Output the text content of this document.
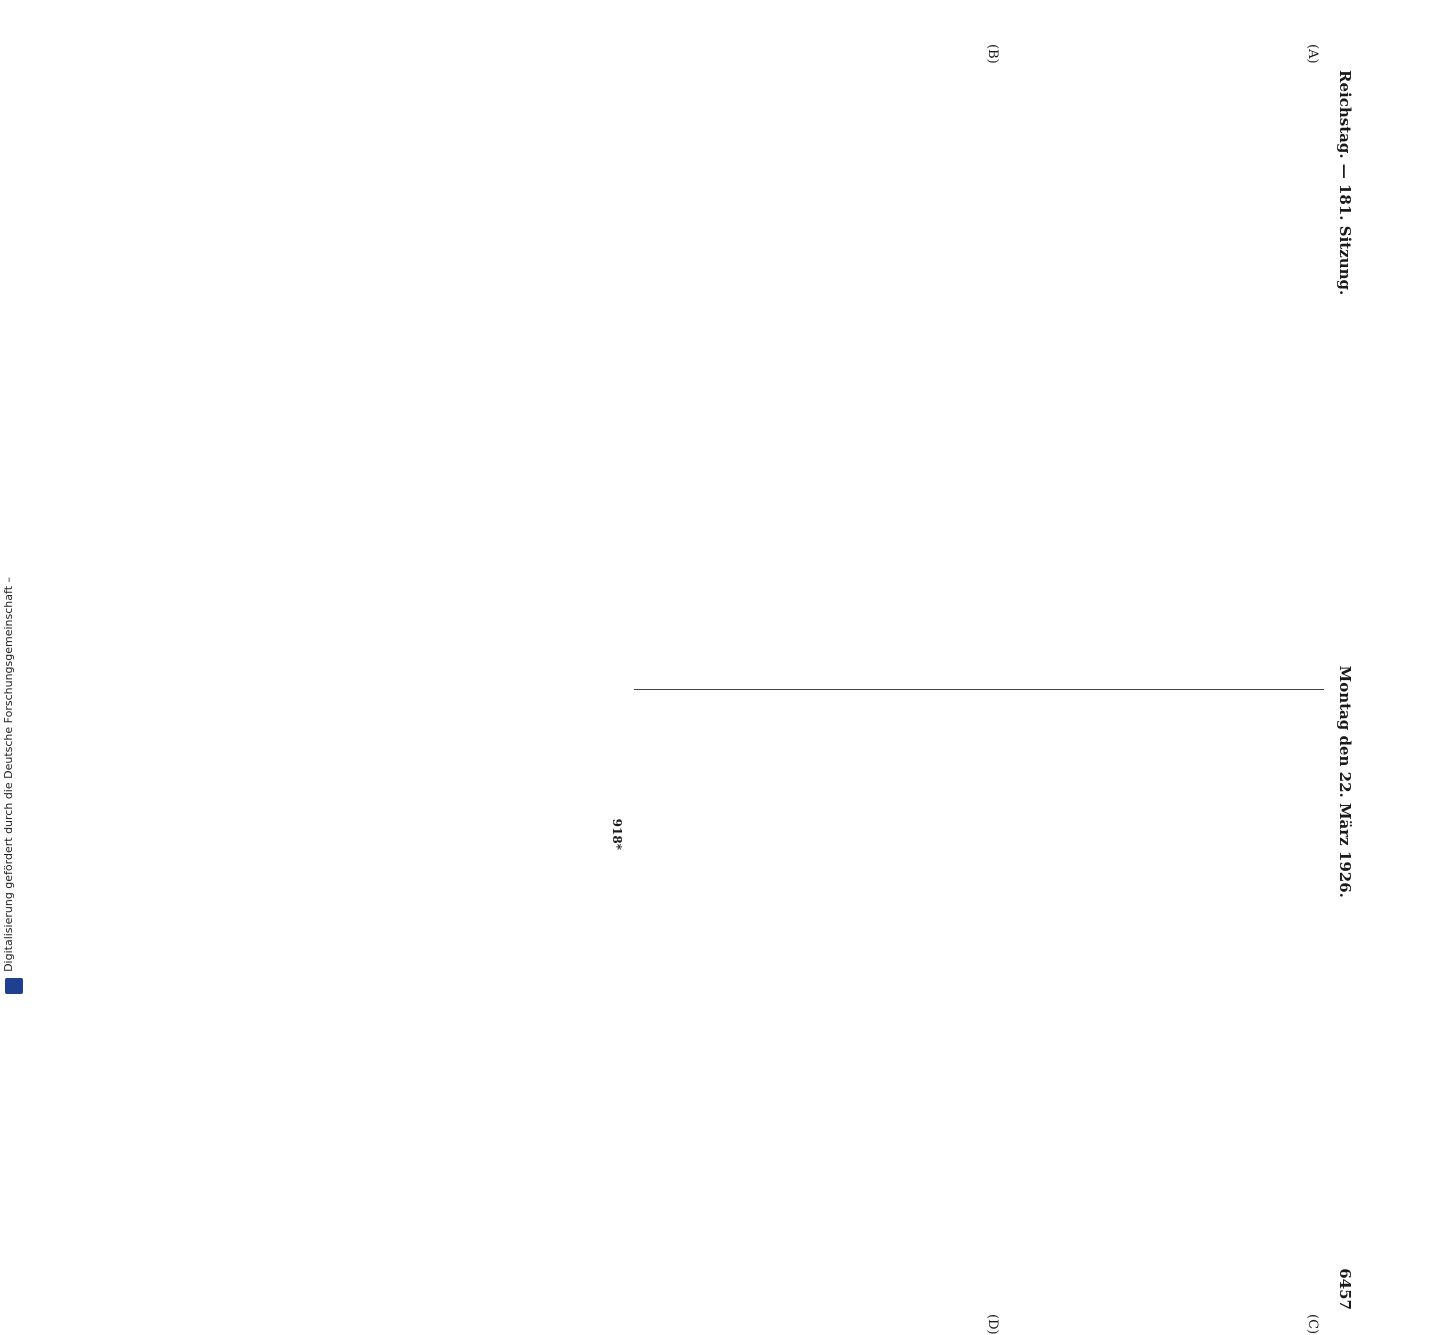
Digitalisierung gefördert durch die Deutsche Forschungsgemeinschaft –
Reichstag. — 181. Sitzung.
Montag den 22. März 1926.
6457
(A)
(B)
(C)
(D)
918*
